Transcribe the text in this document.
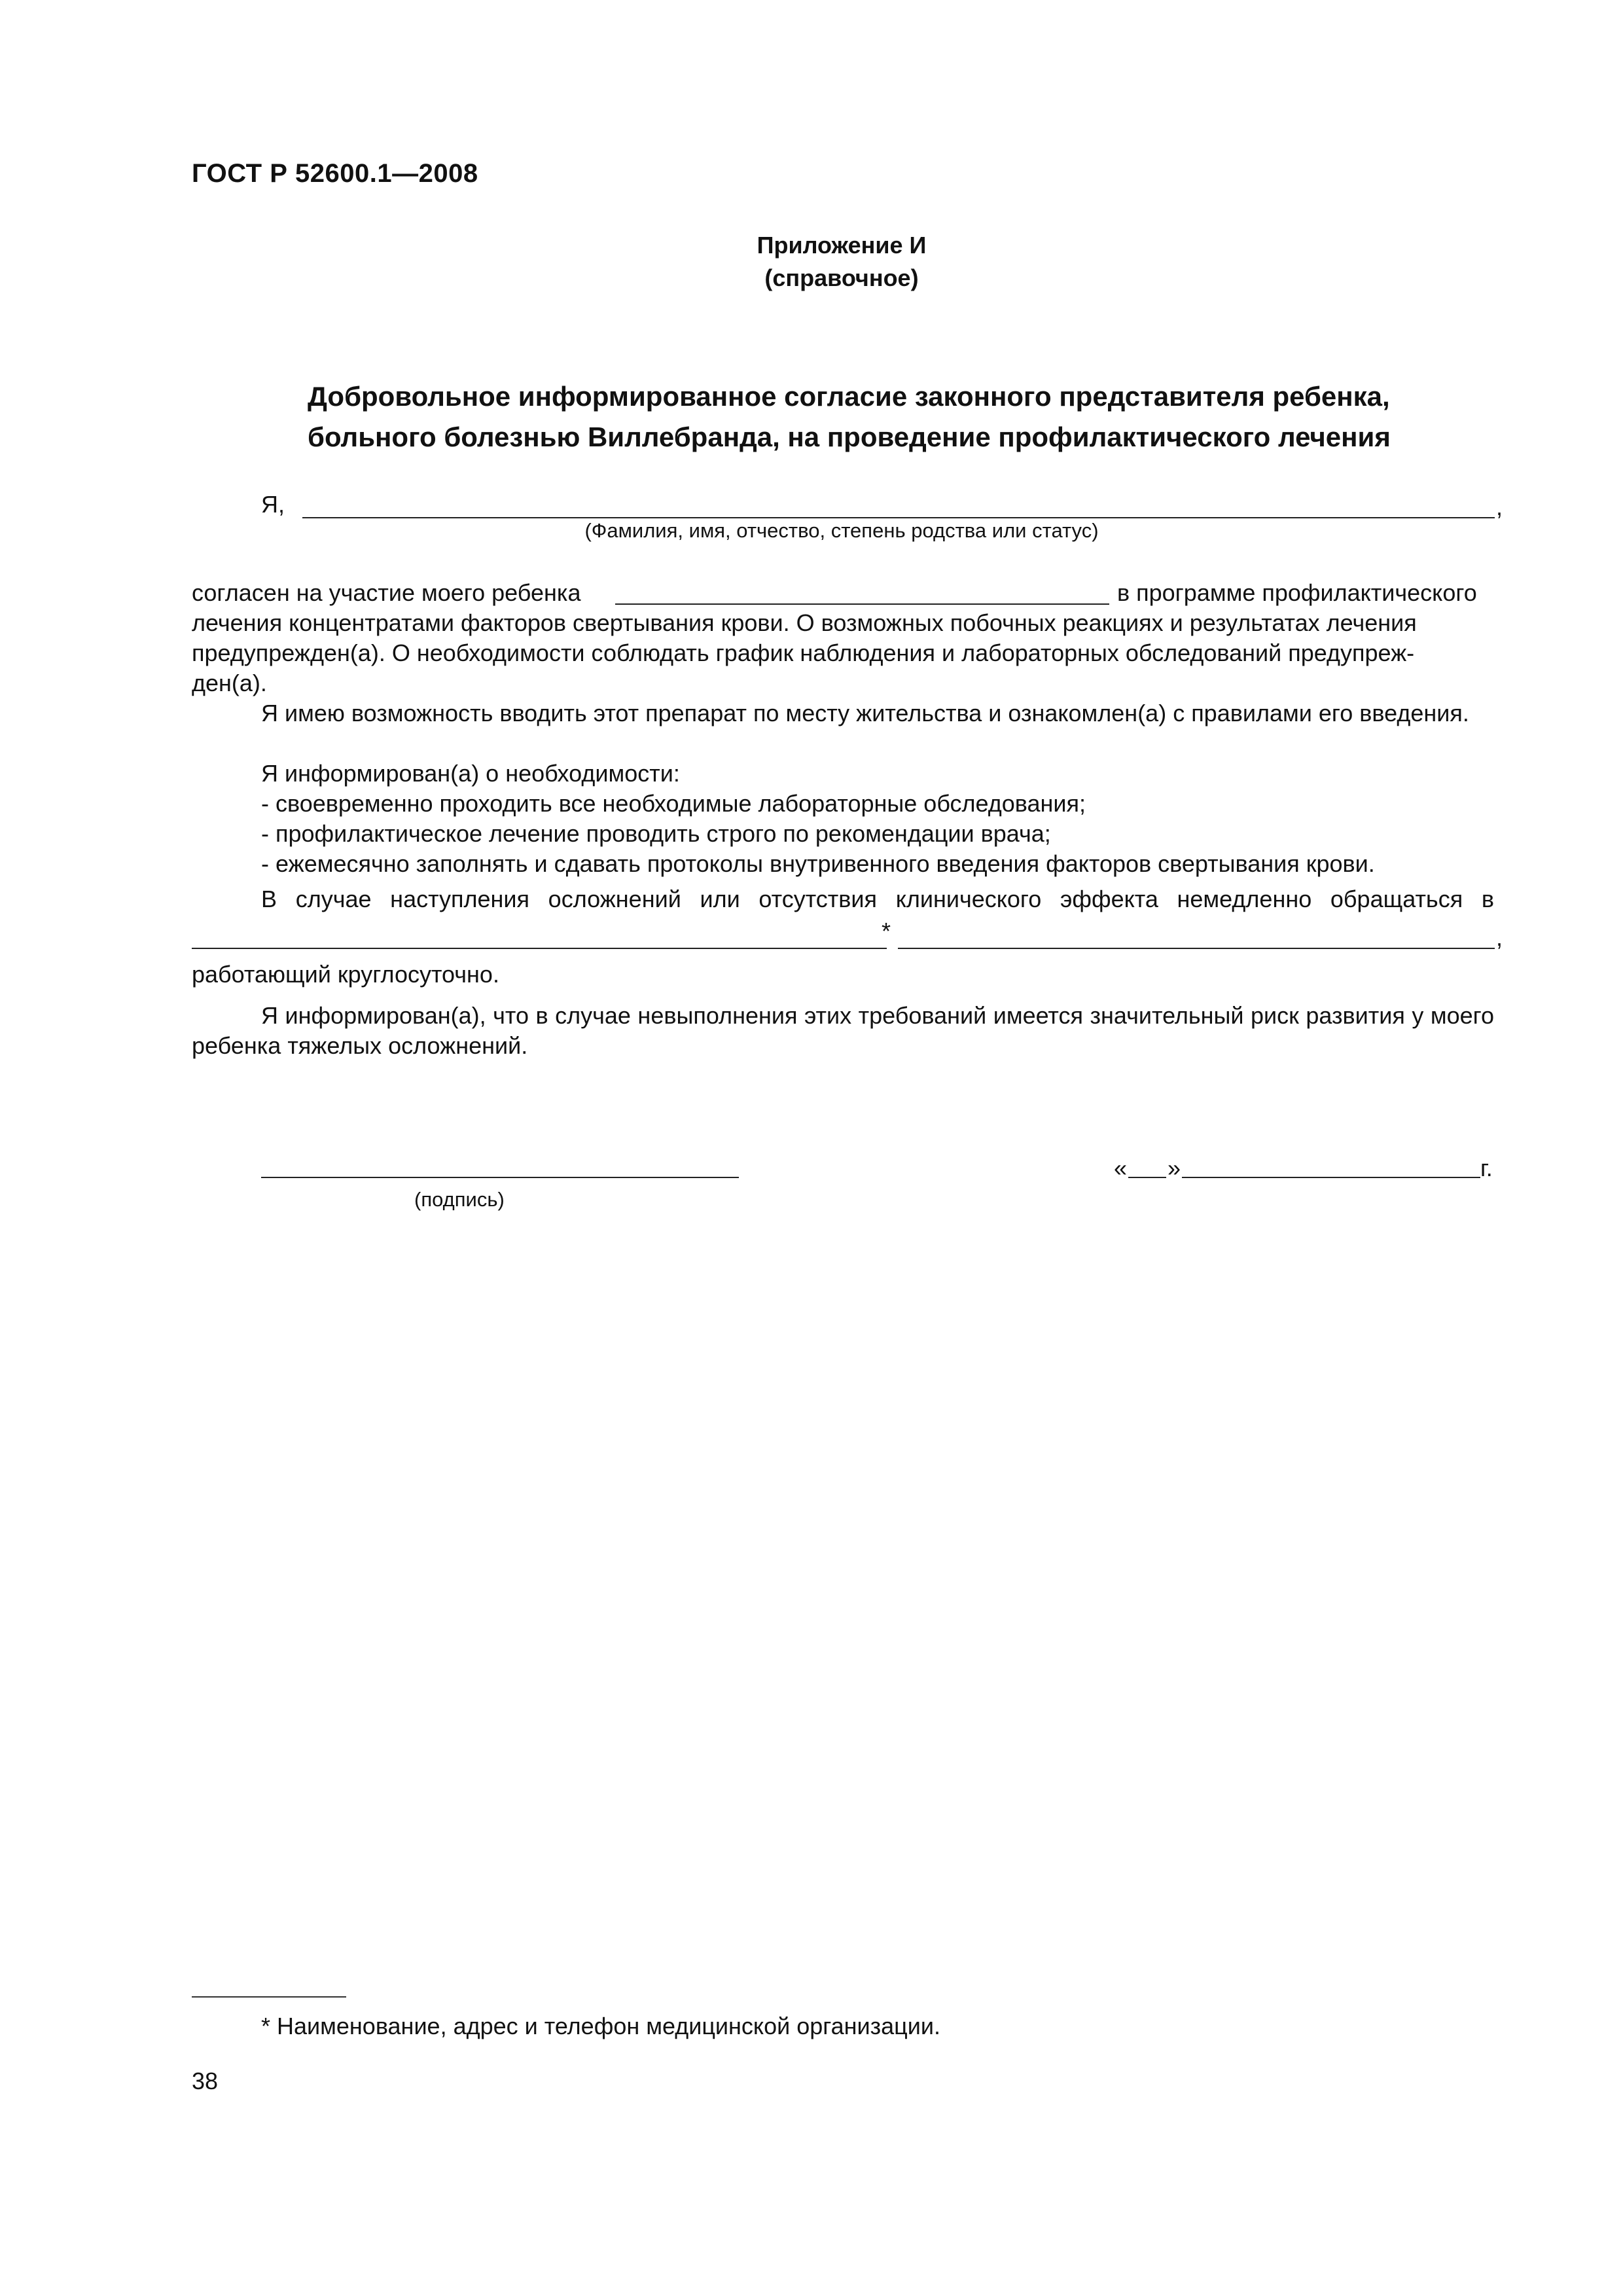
ГОСТ Р 52600.1—2008
Приложение И
(справочное)
Добровольное информированное согласие законного представителя ребенка,
больного болезнью Виллебранда, на проведение профилактического лечения
Я,	,
(Фамилия, имя, отчество, степень родства или статус)
согласен на участие моего ребенка	в программе профилактического
лечения концентратами факторов свертывания крови. О возможных побочных реакциях и результатах лечения
предупрежден(а). О необходимости соблюдать график наблюдения и лабораторных обследований предупреж-
ден(а).
Я имею возможность вводить этот препарат по месту жительства и ознакомлен(а) с правилами его введения.
Я информирован(а) о необходимости:
- своевременно проходить все необходимые лабораторные обследования;
- профилактическое лечение проводить строго по рекомендации врача;
- ежемесячно заполнять и сдавать протоколы внутривенного введения факторов свертывания крови.
В случае наступления осложнений или отсутствия клинического эффекта немедленно обращаться в
*	,
работающий круглосуточно.
Я информирован(а), что в случае невыполнения этих требований имеется значительный риск развития у моего ребенка тяжелых осложнений.
(подпись)
« »	г.
* Наименование, адрес и телефон медицинской организации.
38
